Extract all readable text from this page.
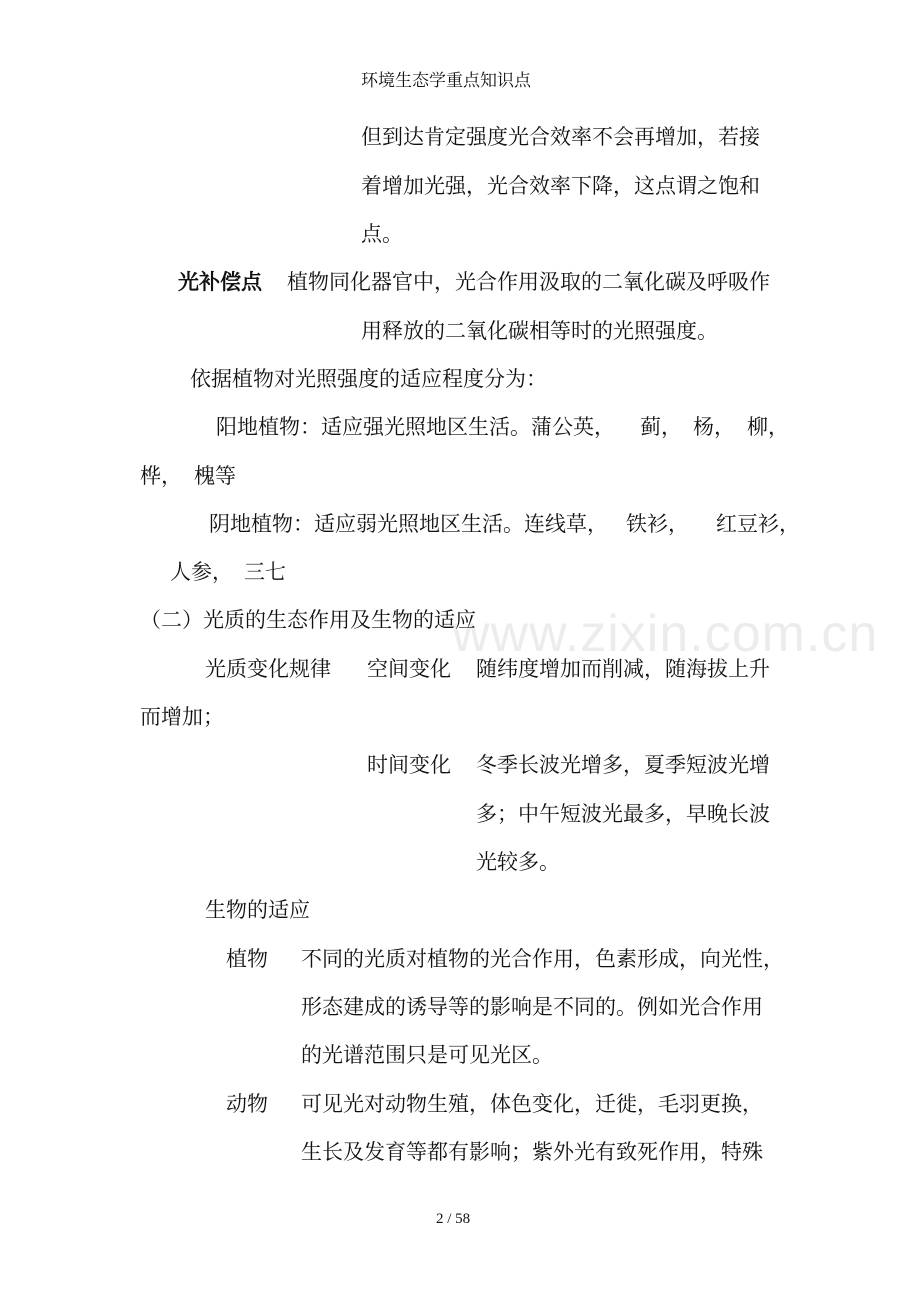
www.zixin.com.cn
环境生态学重点知识点
但到达肯定强度光合效率不会再增加，若接
着增加光强，光合效率下降，这点谓之饱和
点。
光补偿点 植物同化器官中，光合作用汲取的二氧化碳及呼吸作
用释放的二氧化碳相等时的光照强度。
依据植物对光照强度的适应程度分为：
阳地植物：适应强光照地区生活。蒲公英， 蓟， 杨， 柳，
桦， 槐等
阴地植物：适应弱光照地区生活。连线草， 铁衫， 红豆衫，
人参， 三七
（二）光质的生态作用及生物的适应
光质变化规律 空间变化 随纬度增加而削减，随海拔上升
而增加；
时间变化 冬季长波光增多，夏季短波光增
多；中午短波光最多，早晚长波
光较多。
生物的适应
植物 不同的光质对植物的光合作用，色素形成，向光性，
形态建成的诱导等的影响是不同的。例如光合作用
的光谱范围只是可见光区。
动物 可见光对动物生殖，体色变化，迁徙，毛羽更换，
生长及发育等都有影响；紫外光有致死作用，特殊
2 / 58
